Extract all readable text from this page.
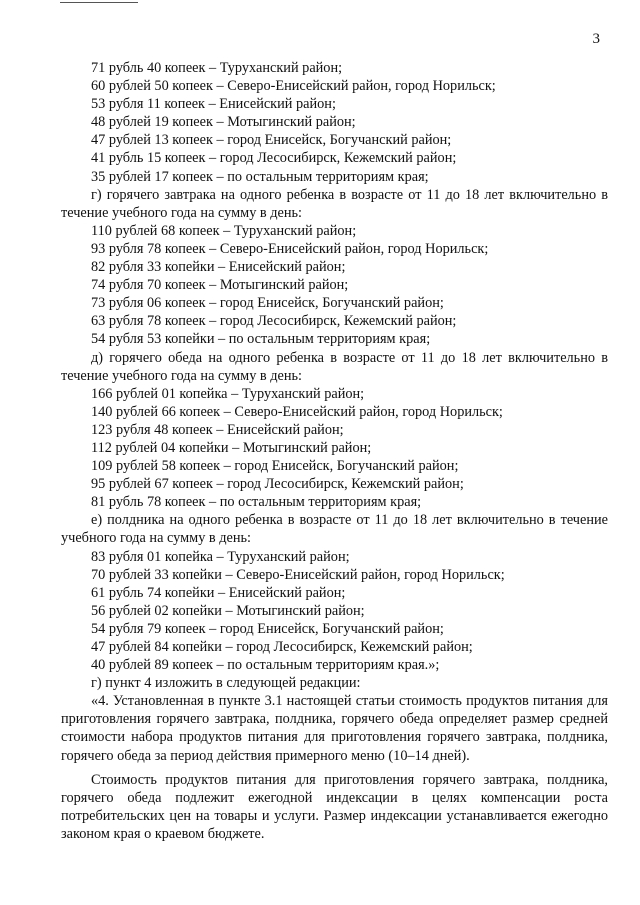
3
71 рубль 40 копеек – Туруханский район;
60 рублей 50 копеек – Северо-Енисейский район, город Норильск;
53 рубля 11 копеек – Енисейский район;
48 рублей 19 копеек – Мотыгинский район;
47 рублей 13 копеек – город Енисейск, Богучанский район;
41 рубль 15 копеек – город Лесосибирск, Кежемский район;
35 рублей 17 копеек – по остальным территориям края;
г) горячего завтрака на одного ребенка в возрасте от 11 до 18 лет включительно в течение учебного года на сумму в день:
110 рублей 68 копеек – Туруханский район;
93 рубля 78 копеек – Северо-Енисейский район, город Норильск;
82 рубля 33 копейки – Енисейский район;
74 рубля 70 копеек – Мотыгинский район;
73 рубля 06 копеек – город Енисейск, Богучанский район;
63 рубля 78 копеек – город Лесосибирск, Кежемский район;
54 рубля 53 копейки – по остальным территориям края;
д) горячего обеда на одного ребенка в возрасте от 11 до 18 лет включительно в течение учебного года на сумму в день:
166 рублей 01 копейка – Туруханский район;
140 рублей 66 копеек – Северо-Енисейский район, город Норильск;
123 рубля 48 копеек – Енисейский район;
112 рублей 04 копейки – Мотыгинский район;
109 рублей 58 копеек – город Енисейск, Богучанский район;
95 рублей 67 копеек – город Лесосибирск, Кежемский район;
81 рубль 78 копеек – по остальным территориям края;
е) полдника на одного ребенка в возрасте от 11 до 18 лет включительно в течение учебного года на сумму в день:
83 рубля 01 копейка – Туруханский район;
70 рублей 33 копейки – Северо-Енисейский район, город Норильск;
61 рубль 74 копейки – Енисейский район;
56 рублей 02 копейки – Мотыгинский район;
54 рубля 79 копеек – город Енисейск, Богучанский район;
47 рублей 84 копейки – город Лесосибирск, Кежемский район;
40 рублей 89 копеек – по остальным территориям края.»;
г) пункт 4 изложить в следующей редакции:
«4. Установленная в пункте 3.1 настоящей статьи стоимость продуктов питания для приготовления горячего завтрака, полдника, горячего обеда определяет размер средней стоимости набора продуктов питания для приготовления горячего завтрака, полдника, горячего обеда за период действия примерного меню (10–14 дней).
Стоимость продуктов питания для приготовления горячего завтрака, полдника, горячего обеда подлежит ежегодной индексации в целях компенсации роста потребительских цен на товары и услуги. Размер индексации устанавливается ежегодно законом края о краевом бюджете.
